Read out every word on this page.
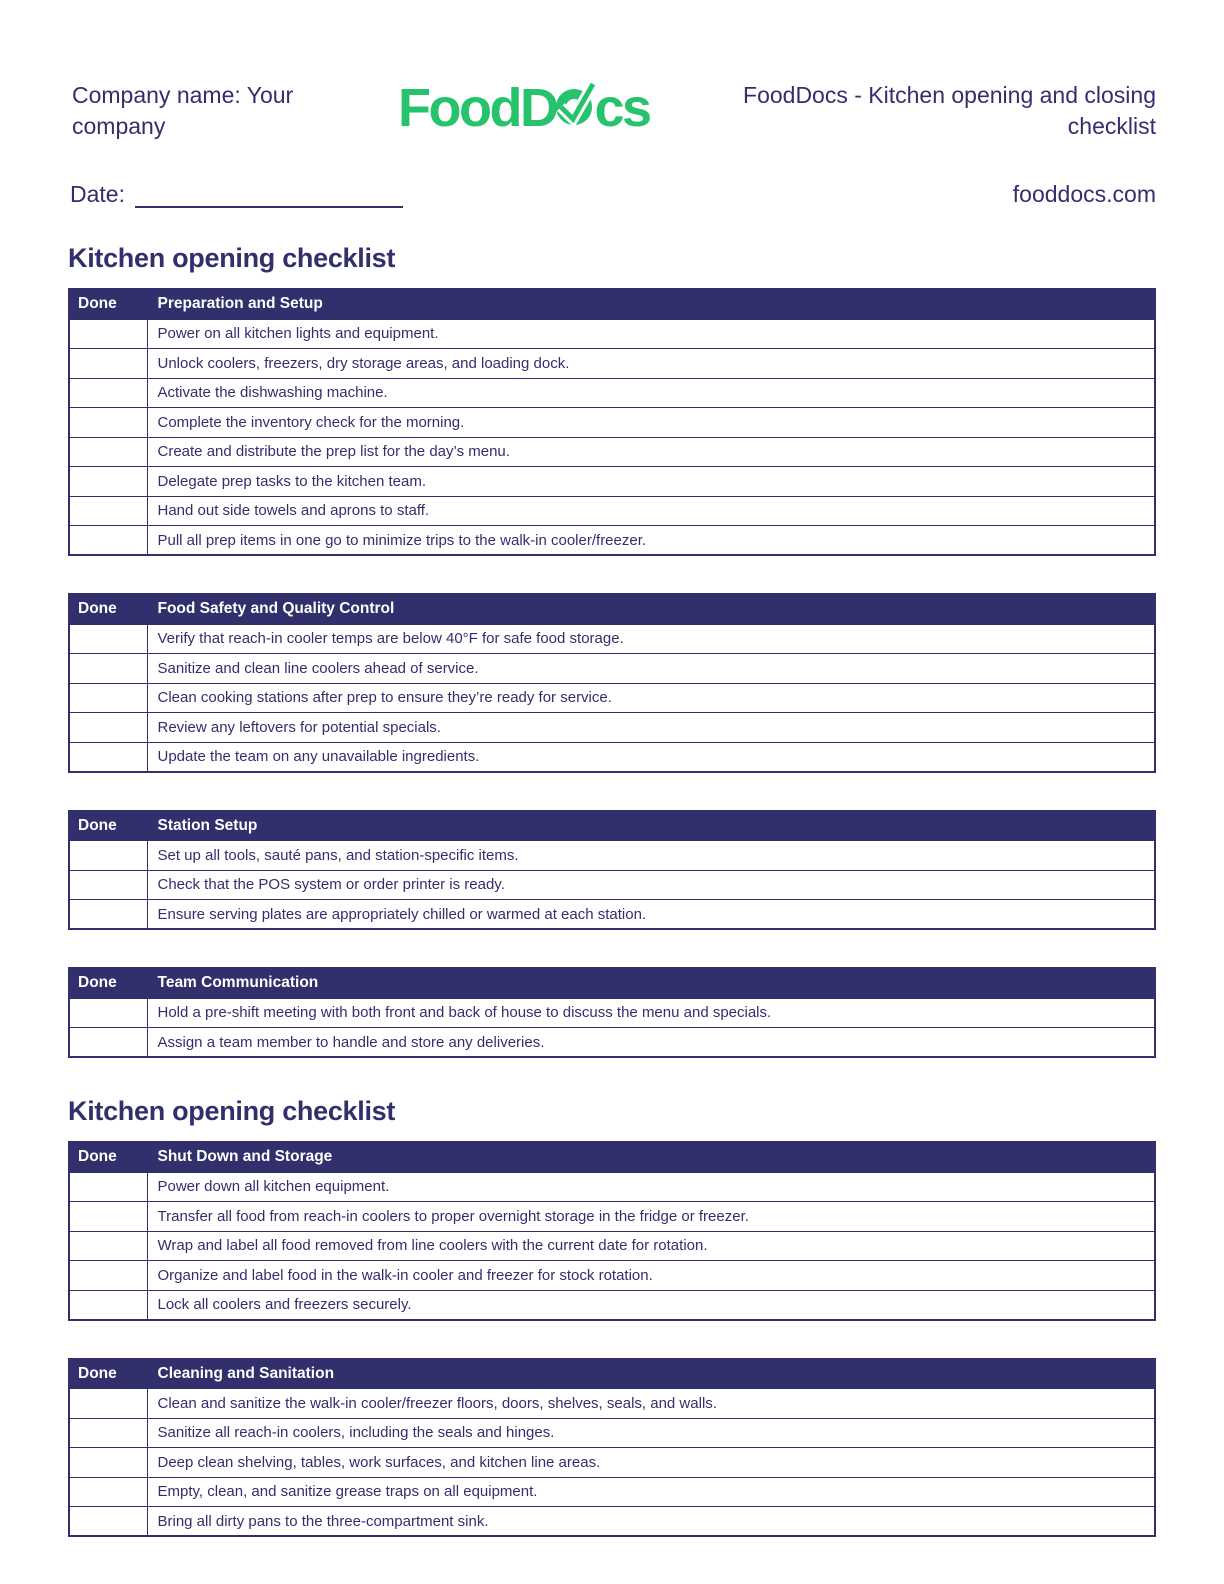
Company name: Your company	FoodD cs	FoodDocs - Kitchen opening and closing checklist
Date:	fooddocs.com
Kitchen opening checklist
Done	Preparation and Setup
	Power on all kitchen lights and equipment.
	Unlock coolers, freezers, dry storage areas, and loading dock.
	Activate the dishwashing machine.
	Complete the inventory check for the morning.
	Create and distribute the prep list for the day’s menu.
	Delegate prep tasks to the kitchen team.
	Hand out side towels and aprons to staff.
	Pull all prep items in one go to minimize trips to the walk-in cooler/freezer.
Done	Food Safety and Quality Control
	Verify that reach-in cooler temps are below 40°F for safe food storage.
	Sanitize and clean line coolers ahead of service.
	Clean cooking stations after prep to ensure they’re ready for service.
	Review any leftovers for potential specials.
	Update the team on any unavailable ingredients.
Done	Station Setup
	Set up all tools, sauté pans, and station-specific items.
	Check that the POS system or order printer is ready.
	Ensure serving plates are appropriately chilled or warmed at each station.
Done	Team Communication
	Hold a pre-shift meeting with both front and back of house to discuss the menu and specials.
	Assign a team member to handle and store any deliveries.
Kitchen opening checklist
Done	Shut Down and Storage
	Power down all kitchen equipment.
	Transfer all food from reach-in coolers to proper overnight storage in the fridge or freezer.
	Wrap and label all food removed from line coolers with the current date for rotation.
	Organize and label food in the walk-in cooler and freezer for stock rotation.
	Lock all coolers and freezers securely.
Done	Cleaning and Sanitation
	Clean and sanitize the walk-in cooler/freezer floors, doors, shelves, seals, and walls.
	Sanitize all reach-in coolers, including the seals and hinges.
	Deep clean shelving, tables, work surfaces, and kitchen line areas.
	Empty, clean, and sanitize grease traps on all equipment.
	Bring all dirty pans to the three-compartment sink.
